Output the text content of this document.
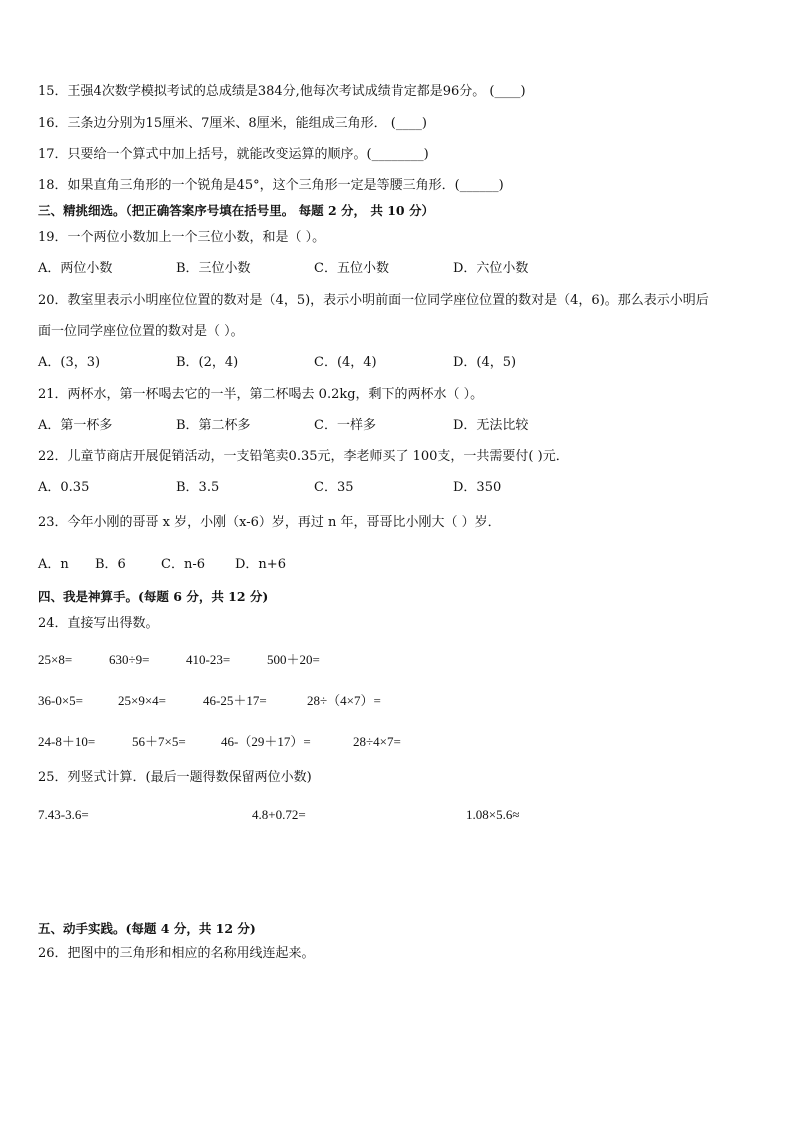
15．王强4次数学模拟考试的总成绩是384分,他每次考试成绩肯定都是96分。 (____)
16．三条边分别为15厘米、7厘米、8厘米，能组成三角形． (____)
17．只要给一个算式中加上括号，就能改变运算的顺序。(________)
18．如果直角三角形的一个锐角是45°，这个三角形一定是等腰三角形．(______)
三、精挑细选。（把正确答案序号填在括号里。 每题 2 分， 共 10 分）
19．一个两位小数加上一个三位小数，和是（ ）。
A．两位小数	B．三位小数	C．五位小数	D．六位小数
20．教室里表示小明座位位置的数对是（4，5)，表示小明前面一位同学座位位置的数对是（4，6)。那么表示小明后
面一位同学座位位置的数对是（ ）。
A．(3，3)	B．(2，4)	C．(4，4)	D．(4，5)
21．两杯水，第一杯喝去它的一半，第二杯喝去 0.2kg，剩下的两杯水（ ）。
A．第一杯多	B．第二杯多	C．一样多	D．无法比较
22．儿童节商店开展促销活动，一支铅笔卖0.35元，李老师买了 100支，一共需要付( )元．
A．0.35	B．3.5	C．35	D．350
23．今年小刚的哥哥 x 岁，小刚（x-6）岁，再过 n 年，哥哥比小刚大（ ）岁．
A．n B．6	C．n-6 D．n+6
四、我是神算手。(每题 6 分，共 12 分)
24．直接写出得数。
25×8=	630÷9=	410-23=	500＋20=
36-0×5=	25×9×4=	46-25＋17=	28÷（4×7）=
24-8＋10=	56＋7×5=	46-（29＋17）=	28÷4×7=
25．列竖式计算．(最后一题得数保留两位小数)
7.43-3.6=	4.8+0.72=	1.08×5.6≈
五、动手实践。(每题 4 分，共 12 分)
26．把图中的三角形和相应的名称用线连起来。
